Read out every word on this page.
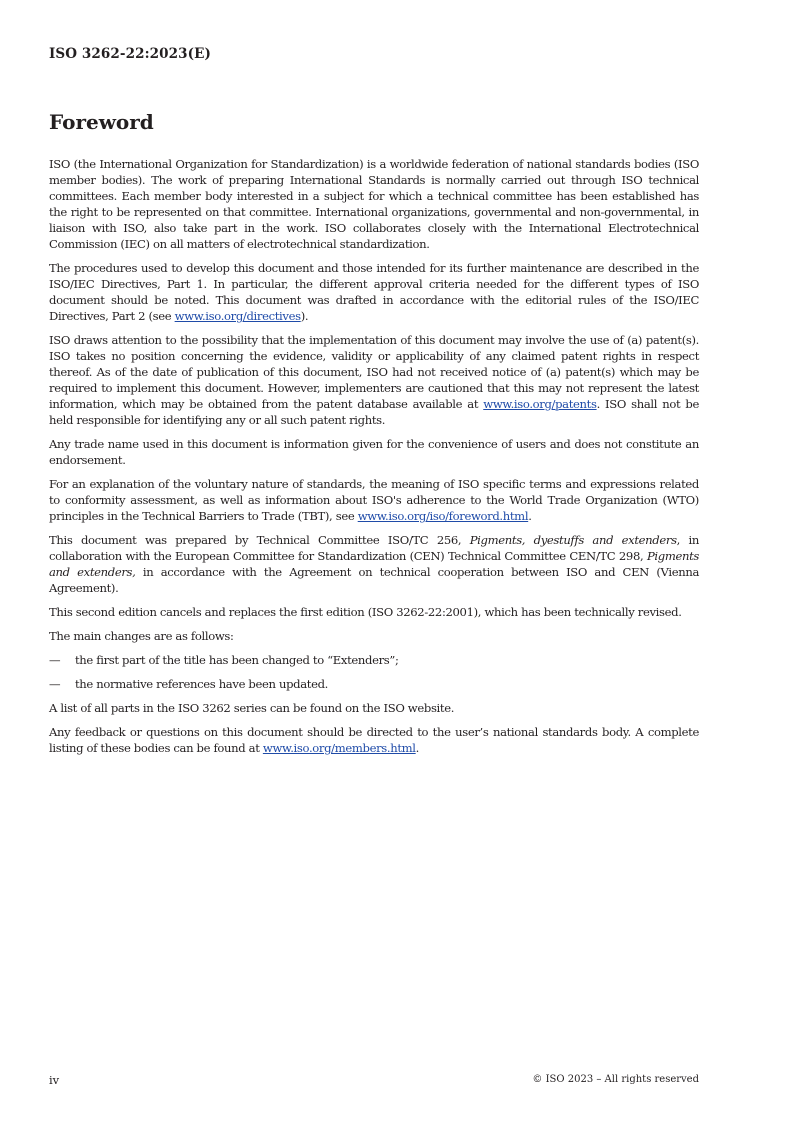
ISO 3262-22:2023(E)
Foreword

ISO (the International Organization for Standardization) is a worldwide federation of national standards bodies (ISO member bodies). The work of preparing International Standards is normally carried out through ISO technical committees. Each member body interested in a subject for which a technical committee has been established has the right to be represented on that committee. International organizations, governmental and non-governmental, in liaison with ISO, also take part in the work. ISO collaborates closely with the International Electrotechnical Commission (IEC) on all matters of electrotechnical standardization.

The procedures used to develop this document and those intended for its further maintenance are described in the ISO/IEC Directives, Part 1. In particular, the different approval criteria needed for the different types of ISO document should be noted. This document was drafted in accordance with the editorial rules of the ISO/IEC Directives, Part 2 (see www.iso.org/directives).

ISO draws attention to the possibility that the implementation of this document may involve the use of (a) patent(s). ISO takes no position concerning the evidence, validity or applicability of any claimed patent rights in respect thereof. As of the date of publication of this document, ISO had not received notice of (a) patent(s) which may be required to implement this document. However, implementers are cautioned that this may not represent the latest information, which may be obtained from the patent database available at www.iso.org/patents. ISO shall not be held responsible for identifying any or all such patent rights.

Any trade name used in this document is information given for the convenience of users and does not constitute an endorsement.

For an explanation of the voluntary nature of standards, the meaning of ISO specific terms and expressions related to conformity assessment, as well as information about ISO's adherence to the World Trade Organization (WTO) principles in the Technical Barriers to Trade (TBT), see www.iso.org/iso/foreword.html.

This document was prepared by Technical Committee ISO/TC 256, Pigments, dyestuffs and extenders, in collaboration with the European Committee for Standardization (CEN) Technical Committee CEN/TC 298, Pigments and extenders, in accordance with the Agreement on technical cooperation between ISO and CEN (Vienna Agreement).

This second edition cancels and replaces the first edition (ISO 3262-22:2001), which has been technically revised.

The main changes are as follows:

—	the first part of the title has been changed to “Extenders”;
—	the normative references have been updated.

A list of all parts in the ISO 3262 series can be found on the ISO website.

Any feedback or questions on this document should be directed to the user’s national standards body. A complete listing of these bodies can be found at www.iso.org/members.html.

iv	© ISO 2023 – All rights reserved
